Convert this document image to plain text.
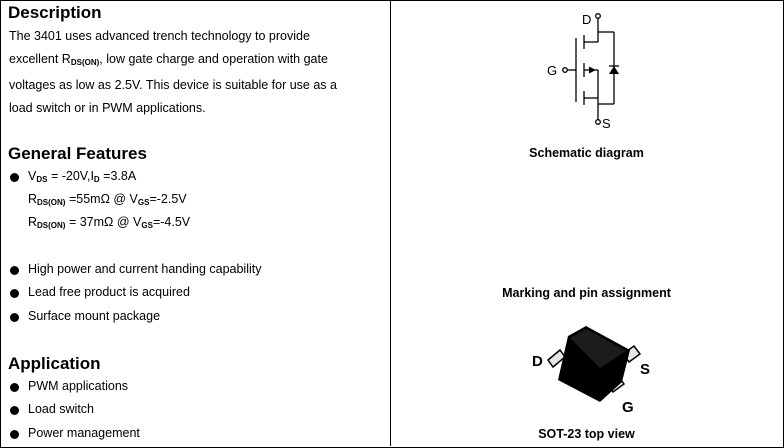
Description
The 3401 uses advanced trench technology to provide
excellent $R_{DS(ON)}$, low gate charge and operation with gate
voltages as low as 2.5V. This device is suitable for use as a
load switch or in PWM applications.
General Features
$V_{DS} = -20V,I_D =3.8A$
$R_{DS(ON)} =55m\Omega$ @ $V_{GS}=-2.5V$
$R_{DS(ON)} = 37m\Omega$ @ $V_{GS}=-4.5V$
High power and current handing capability
Lead free product is acquired
Surface mount package
Application
PWM applications
Load switch
Power management
D
G
S
Schematic diagram
Marking and pin assignment
D	S
G
SOT-23 top view
